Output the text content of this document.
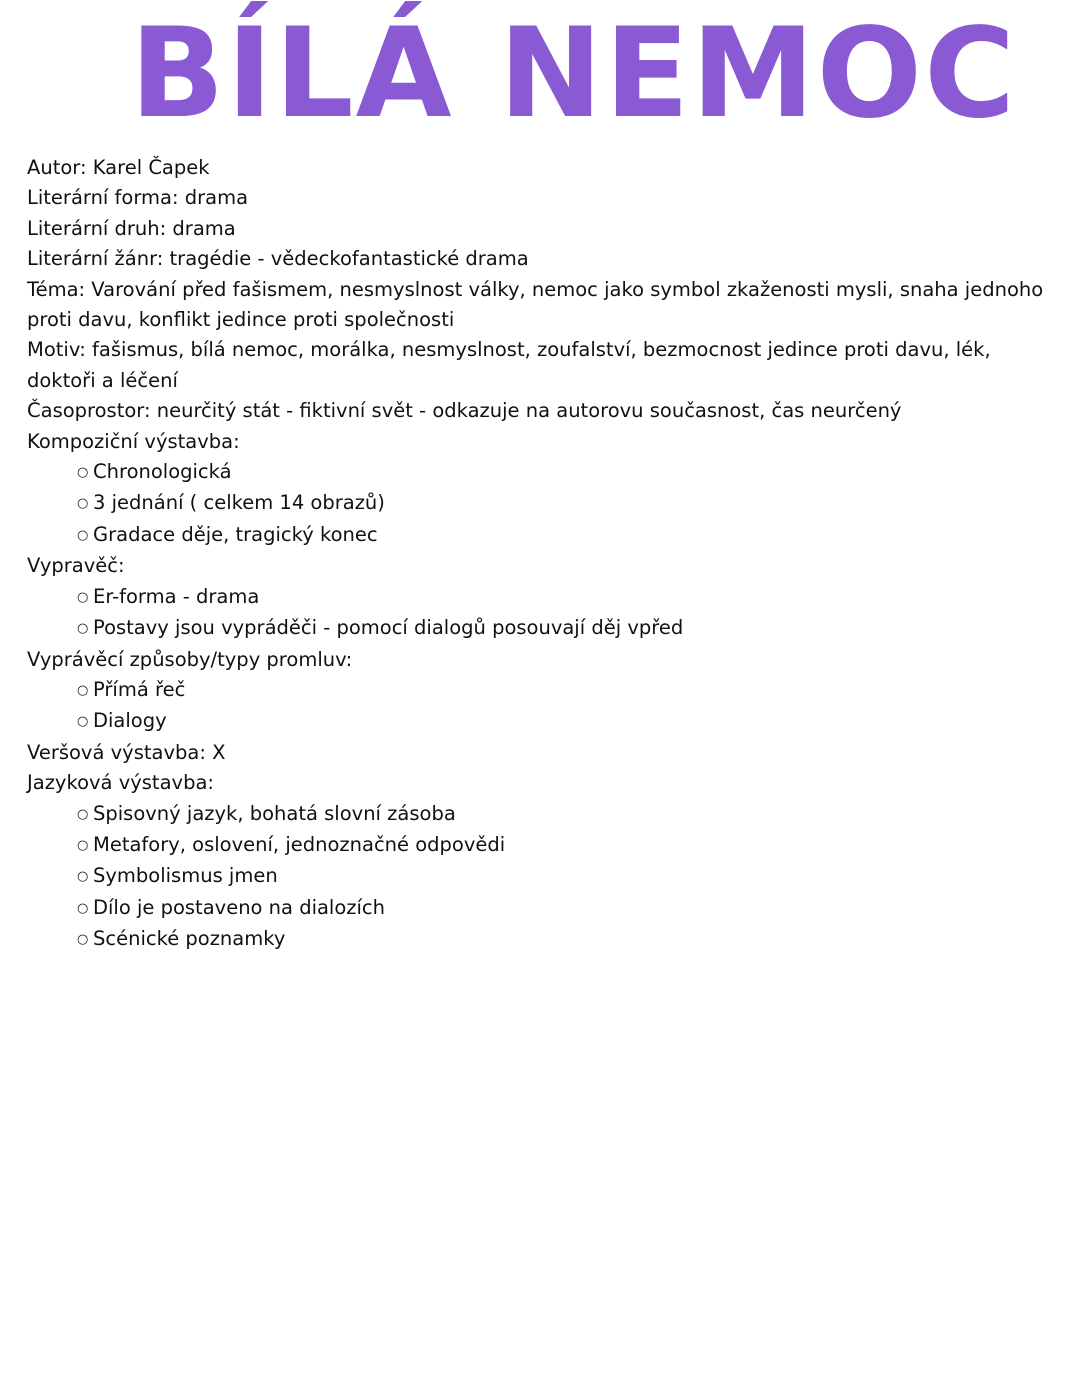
BÍLÁ NEMOC

Autor: Karel Čapek

Literární forma: drama

Literární druh: drama

Literární žánr: tragédie - vědeckofantastické drama

Téma: Varování před fašismem, nesmyslnost války, nemoc jako symbol zkaženosti mysli, snaha jednoho proti davu, konflikt jedince proti společnosti

Motiv: fašismus, bílá nemoc, morálka, nesmyslnost, zoufalství, bezmocnost jedince proti davu, lék, doktoři a léčení

Časoprostor: neurčitý stát - fiktivní svět - odkazuje na autorovu současnost, čas neurčený

Kompoziční výstavba:

○ Chronologická

○ 3 jednání ( celkem 14 obrazů)

○ Gradace děje, tragický konec

Vypravěč:

○ Er-forma - drama

○ Postavy jsou vypráděči - pomocí dialogů posouvají děj vpřed

Vyprávěcí způsoby/typy promluv:

○ Přímá řeč

○ Dialogy

Veršová výstavba: X

Jazyková výstavba:

○ Spisovný jazyk, bohatá slovní zásoba

○ Metafory, oslovení, jednoznačné odpovědi

○ Symbolismus jmen

○ Dílo je postaveno na dialozích

○ Scénické poznamky
